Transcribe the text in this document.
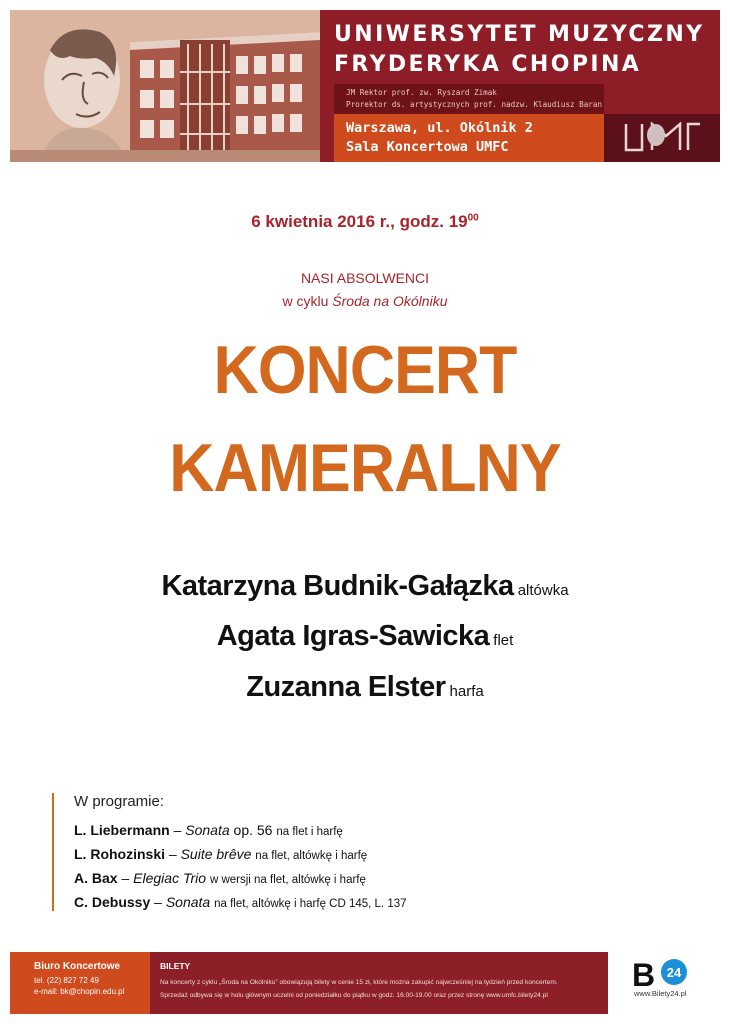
UNIWERSYTET MUZYCZNY
FRYDERYKA CHOPINA
JM Rektor prof. zw. Ryszard Zimak
Prorektor ds. artystycznych prof. nadzw. Klaudiusz Baran
Warszawa, ul. Okólnik 2
Sala Koncertowa UMFC
6 kwietnia 2016 r., godz. $19^{00}$
NASI ABSOLWENCI
w cyklu Środa na Okólniku
KONCERT
KAMERALNY
Katarzyna Budnik-Gałązka altówka
Agata Igras-Sawicka flet
Zuzanna Elster harfa
W programie:
L. Liebermann – Sonata op. 56 na flet i harfę
L. Rohozinski – Suite brêve na flet, altówkę i harfę
A. Bax – Elegiac Trio w wersji na flet, altówkę i harfę
C. Debussy – Sonata na flet, altówkę i harfę CD 145, L. 137
Biuro Koncertowe
tel. (22) 827 72 49
e-mail: bk@chopin.edu.pl
BILETY
Na koncerty z cyklu „Środa na Okólniku” obowiązują bilety w cenie 15 zł, które można zakupić najwcześniej na tydzień przed koncertem.
Sprzedaż odbywa się w holu głównym uczelni od poniedziałku do piątku w godz. 16.00-19.00 oraz przez stronę www.umfc.bilety24.pl
B 24
www.Bilety24.pl
